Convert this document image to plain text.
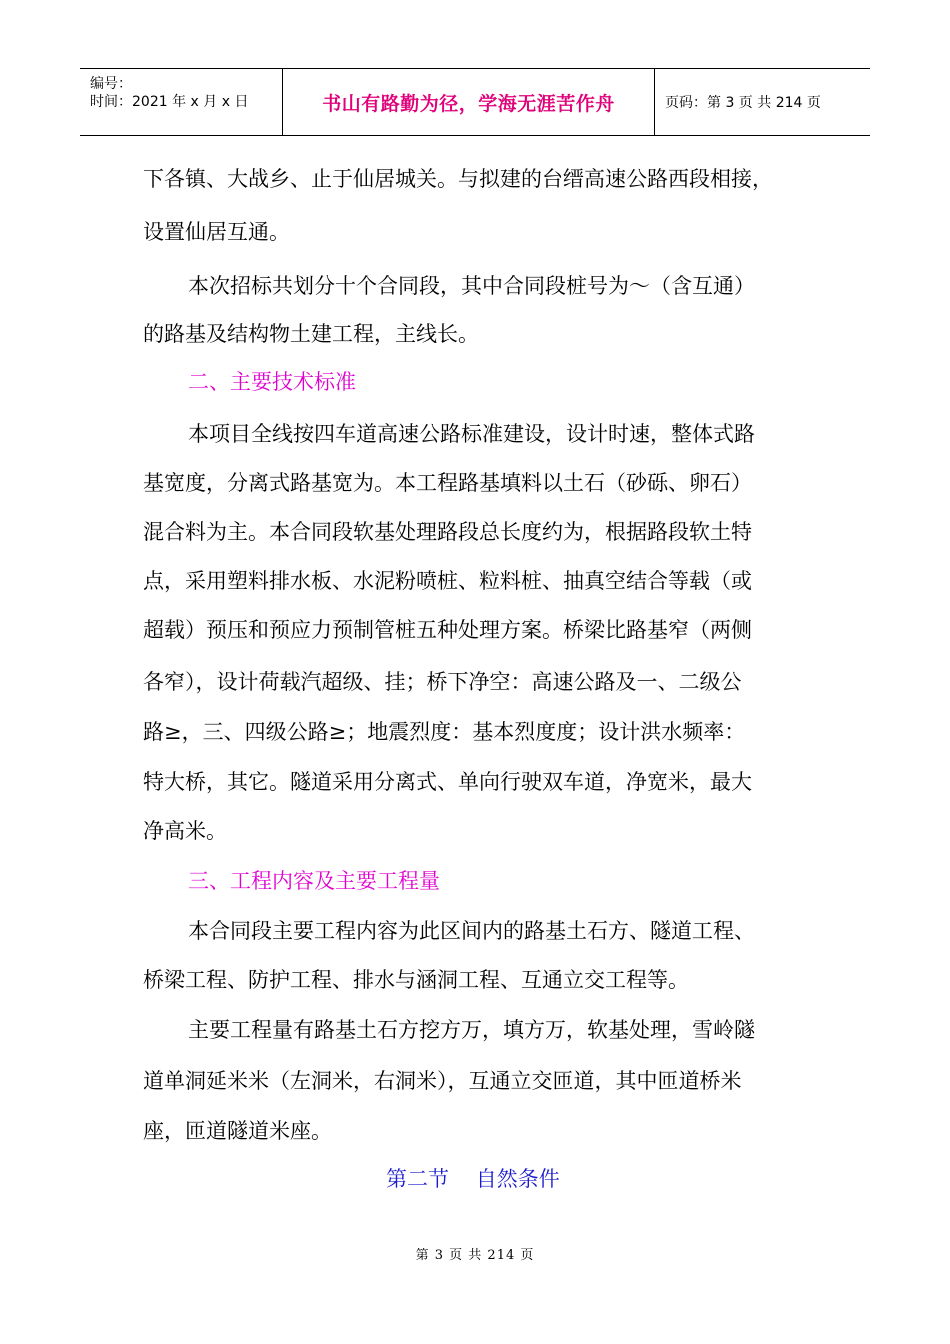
编号：
时间：2021 年 x 月 x 日	书山有路勤为径，学海无涯苦作舟	页码：第 3 页 共 214 页
下各镇、大战乡、止于仙居城关。与拟建的台缙高速公路西段相接，
设置仙居互通。
本次招标共划分十个合同段，其中合同段桩号为～（含互通）
的路基及结构物土建工程，主线长。
二、主要技术标准
本项目全线按四车道高速公路标准建设，设计时速，整体式路
基宽度，分离式路基宽为。本工程路基填料以土石（砂砾、卵石）
混合料为主。本合同段软基处理路段总长度约为，根据路段软土特
点，采用塑料排水板、水泥粉喷桩、粒料桩、抽真空结合等载（或
超载）预压和预应力预制管桩五种处理方案。桥梁比路基窄（两侧
各窄），设计荷载汽超级、挂；桥下净空：高速公路及一、二级公
路≥，三、四级公路≥；地震烈度：基本烈度度；设计洪水频率：
特大桥，其它。隧道采用分离式、单向行驶双车道，净宽米，最大
净高米。
三、工程内容及主要工程量
本合同段主要工程内容为此区间内的路基土石方、隧道工程、
桥梁工程、防护工程、排水与涵洞工程、互通立交工程等。
主要工程量有路基土石方挖方万，填方万，软基处理，雪岭隧
道单洞延米米（左洞米，右洞米），互通立交匝道，其中匝道桥米
座，匝道隧道米座。
第二节    自然条件
第 3 页 共 214 页
